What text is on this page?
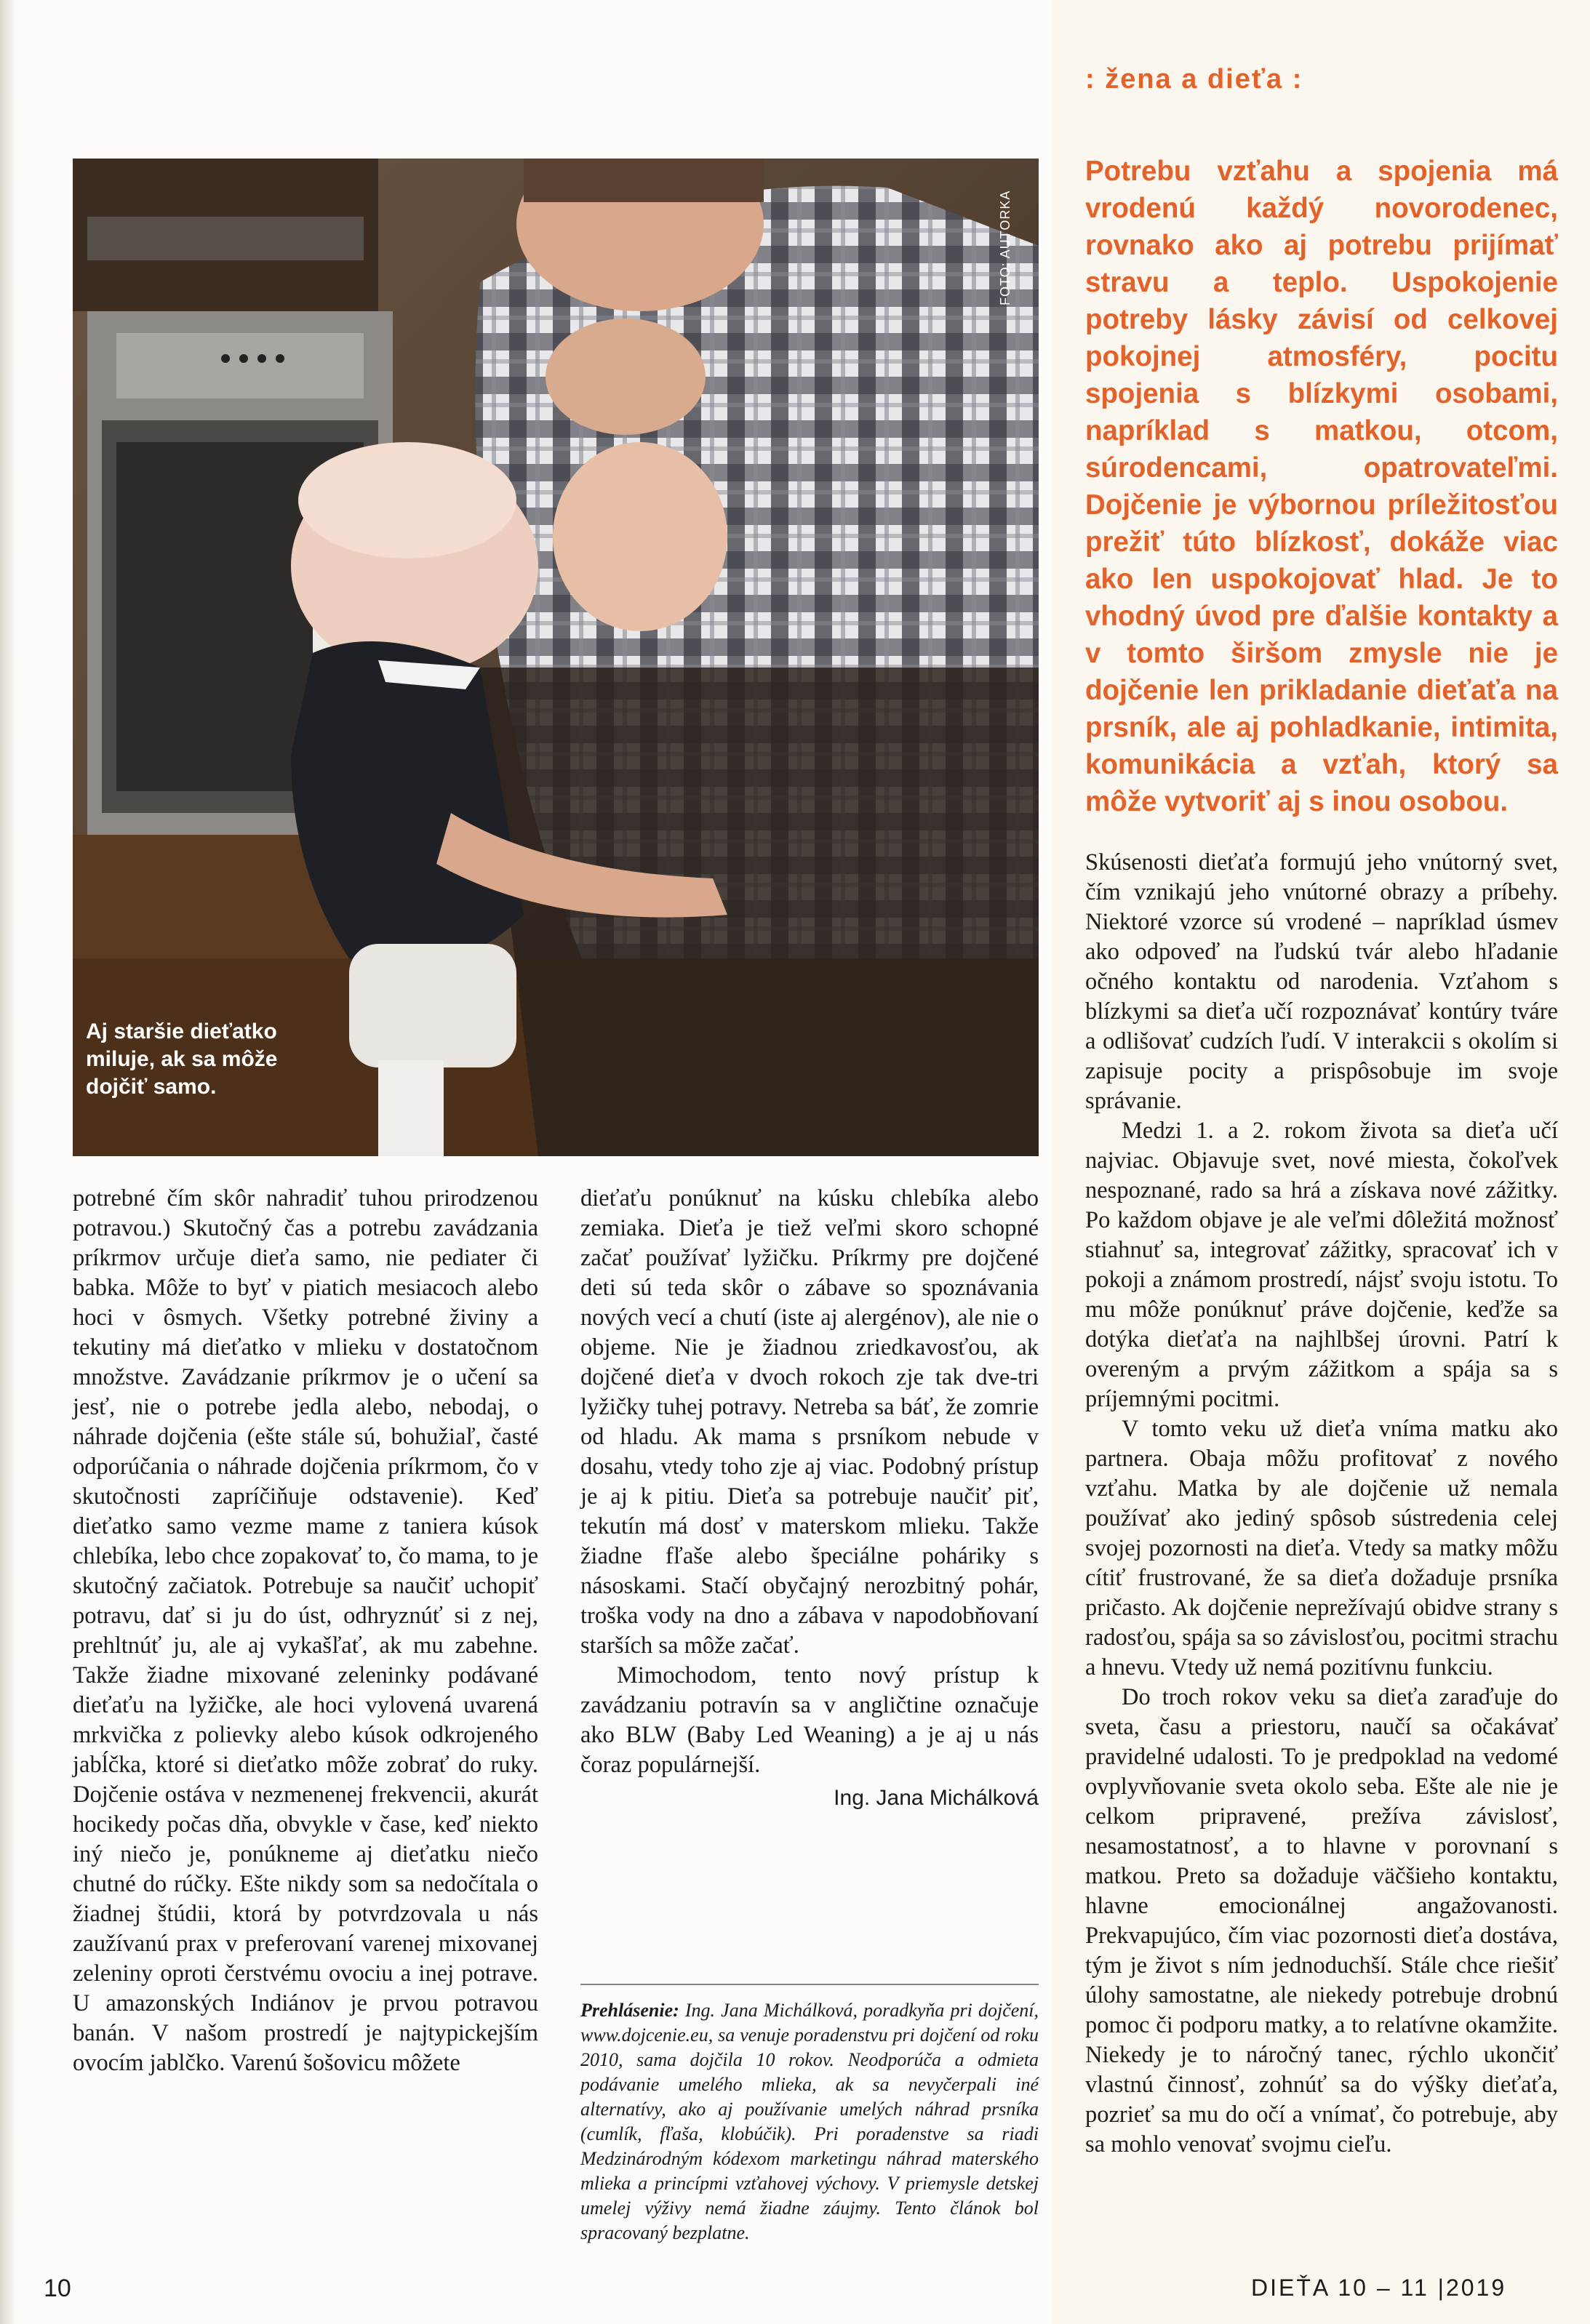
: žena a dieťa :
FOTO: AUTORKA
Aj staršie dieťatko miluje, ak sa môže dojčiť samo.
Potrebu vzťahu a spojenia má vrodenú každý novorodenec, rovnako ako aj potrebu prijímať stravu a teplo. Uspokojenie potreby lásky závisí od celkovej pokojnej atmosféry, pocitu spojenia s blízkymi osobami, napríklad s matkou, otcom, súrodencami, opatrovateľmi. Dojčenie je výbornou príležitosťou prežiť túto blízkosť, dokáže viac ako len uspokojovať hlad. Je to vhodný úvod pre ďalšie kontakty a v tomto širšom zmysle nie je dojčenie len prikladanie dieťaťa na prsník, ale aj pohladkanie, intimita, komunikácia a vzťah, ktorý sa môže vytvoriť aj s inou osobou.

potrebné čím skôr nahradiť tuhou prirodzenou potravou.) Skutočný čas a potrebu zavádzania príkrmov určuje dieťa samo, nie pediater či babka. Môže to byť v piatich mesiacoch alebo hoci v ôsmych. Všetky potrebné živiny a tekutiny má dieťatko v mlieku v dostatočnom množstve. Zavádzanie príkrmov je o učení sa jesť, nie o potrebe jedla alebo, nebodaj, o náhrade dojčenia (ešte stále sú, bohužiaľ, časté odporúčania o náhrade dojčenia príkrmom, čo v skutočnosti zapríčiňuje odstavenie). Keď dieťatko samo vezme mame z taniera kúsok chlebíka, lebo chce zopakovať to, čo mama, to je skutočný začiatok. Potrebuje sa naučiť uchopiť potravu, dať si ju do úst, odhryznúť si z nej, prehltnúť ju, ale aj vykašľať, ak mu zabehne. Takže žiadne mixované zeleninky podávané dieťaťu na lyžičke, ale hoci vylovená uvarená mrkvička z polievky alebo kúsok odkrojeného jabĺčka, ktoré si dieťatko môže zobrať do ruky. Dojčenie ostáva v nezmenenej frekvencii, akurát hocikedy počas dňa, obvykle v čase, keď niekto iný niečo je, ponúkneme aj dieťatku niečo chutné do rúčky. Ešte nikdy som sa nedočítala o žiadnej štúdii, ktorá by potvrdzovala u nás zaužívanú prax v preferovaní varenej mixovanej zeleniny oproti čerstvému ovociu a inej potrave. U amazonských Indiánov je prvou potravou banán. V našom prostredí je najtypickejším ovocím jablčko. Varenú šošovicu môžete

dieťaťu ponúknuť na kúsku chlebíka alebo zemiaka. Dieťa je tiež veľmi skoro schopné začať používať lyžičku. Príkrmy pre dojčené deti sú teda skôr o zábave so spoznávania nových vecí a chutí (iste aj alergénov), ale nie o objeme. Nie je žiadnou zriedkavosťou, ak dojčené dieťa v dvoch rokoch zje tak dve-tri lyžičky tuhej potravy. Netreba sa báť, že zomrie od hladu. Ak mama s prsníkom nebude v dosahu, vtedy toho zje aj viac. Podobný prístup je aj k pitiu. Dieťa sa potrebuje naučiť piť, tekutín má dosť v materskom mlieku. Takže žiadne fľaše alebo špeciálne poháriky s násoskami. Stačí obyčajný nerozbitný pohár, troška vody na dno a zábava v napodobňovaní starších sa môže začať.

Mimochodom, tento nový prístup k zavádzaniu potravín sa v angličtine označuje ako BLW (Baby Led Weaning) a je aj u nás čoraz populárnejší.

Ing. Jana Michálková
Prehlásenie: Ing. Jana Michálková, poradkyňa pri dojčení, www.dojcenie.eu, sa venuje poradenstvu pri dojčení od roku 2010, sama dojčila 10 rokov. Neodporúča a odmieta podávanie umelého mlieka, ak sa nevyčerpali iné alternatívy, ako aj používanie umelých náhrad prsníka (cumlík, fľaša, klobúčik). Pri poradenstve sa riadi Medzinárodným kódexom marketingu náhrad materského mlieka a princípmi vzťahovej výchovy. V priemysle detskej umelej výživy nemá žiadne záujmy. Tento článok bol spracovaný bezplatne.

Skúsenosti dieťaťa formujú jeho vnútorný svet, čím vznikajú jeho vnútorné obrazy a príbehy. Niektoré vzorce sú vrodené – napríklad úsmev ako odpoveď na ľudskú tvár alebo hľadanie očného kontaktu od narodenia. Vzťahom s blízkymi sa dieťa učí rozpoznávať kontúry tváre a odlišovať cudzích ľudí. V interakcii s okolím si zapisuje pocity a prispôsobuje im svoje správanie.

Medzi 1. a 2. rokom života sa dieťa učí najviac. Objavuje svet, nové miesta, čokoľvek nespoznané, rado sa hrá a získava nové zážitky. Po každom objave je ale veľmi dôležitá možnosť stiahnuť sa, integrovať zážitky, spracovať ich v pokoji a známom prostredí, nájsť svoju istotu. To mu môže ponúknuť práve dojčenie, keďže sa dotýka dieťaťa na najhlbšej úrovni. Patrí k overeným a prvým zážitkom a spája sa s príjemnými pocitmi.

V tomto veku už dieťa vníma matku ako partnera. Obaja môžu profitovať z nového vzťahu. Matka by ale dojčenie už nemala používať ako jediný spôsob sústredenia celej svojej pozornosti na dieťa. Vtedy sa matky môžu cítiť frustrované, že sa dieťa dožaduje prsníka pričasto. Ak dojčenie neprežívajú obidve strany s radosťou, spája sa so závislosťou, pocitmi strachu a hnevu. Vtedy už nemá pozitívnu funkciu.

Do troch rokov veku sa dieťa zaraďuje do sveta, času a priestoru, naučí sa očakávať pravidelné udalosti. To je predpoklad na vedomé ovplyvňovanie sveta okolo seba. Ešte ale nie je celkom pripravené, prežíva závislosť, nesamostatnosť, a to hlavne v porovnaní s matkou. Preto sa dožaduje väčšieho kontaktu, hlavne emocionálnej angažovanosti. Prekvapujúco, čím viac pozornosti dieťa dostáva, tým je život s ním jednoduchší. Stále chce riešiť úlohy samostatne, ale niekedy potrebuje drobnú pomoc či podporu matky, a to relatívne okamžite. Niekedy je to náročný tanec, rýchlo ukončiť vlastnú činnosť, zohnúť sa do výšky dieťaťa, pozrieť sa mu do očí a vnímať, čo potrebuje, aby sa mohlo venovať svojmu cieľu.

10	DIEŤA 10 – 11 |2019
